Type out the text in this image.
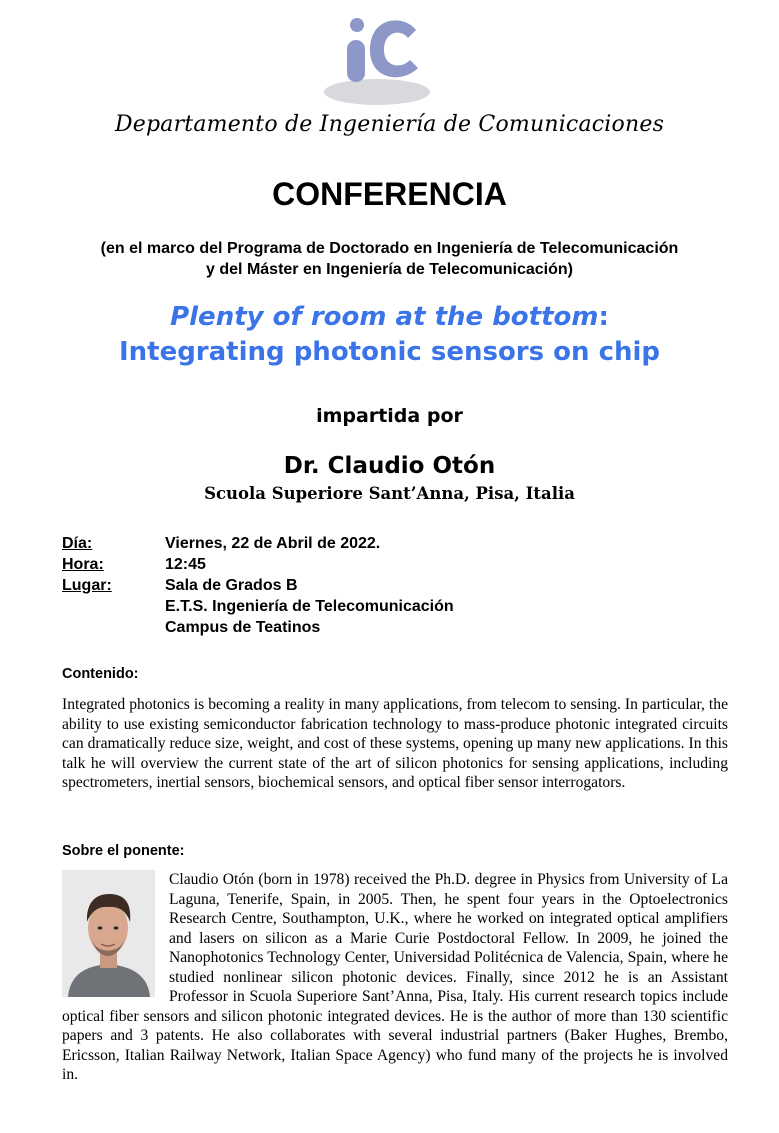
iC
Departamento de Ingeniería de Comunicaciones
CONFERENCIA
(en el marco del Programa de Doctorado en Ingeniería de Telecomunicación
y del Máster en Ingeniería de Telecomunicación)
Plenty of room at the bottom:
Integrating photonic sensors on chip
impartida por
Dr. Claudio Otón
Scuola Superiore Sant’Anna, Pisa, Italia
Día:	Viernes, 22 de Abril de 2022.
Hora:	12:45
Lugar:	Sala de Grados B
E.T.S. Ingeniería de Telecomunicación
Campus de Teatinos
Contenido:
Integrated photonics is becoming a reality in many applications, from telecom to sensing. In particular, the ability to use existing semiconductor fabrication technology to mass-produce photonic integrated circuits can dramatically reduce size, weight, and cost of these systems, opening up many new applications. In this talk he will overview the current state of the art of silicon photonics for sensing applications, including spectrometers, inertial sensors, biochemical sensors, and optical fiber sensor interrogators.
Sobre el ponente:
Claudio Otón (born in 1978) received the Ph.D. degree in Physics from University of La Laguna, Tenerife, Spain, in 2005. Then, he spent four years in the Optoelectronics Research Centre, Southampton, U.K., where he worked on integrated optical amplifiers and lasers on silicon as a Marie Curie Postdoctoral Fellow. In 2009, he joined the Nanophotonics Technology Center, Universidad Politécnica de Valencia, Spain, where he studied nonlinear silicon photonic devices. Finally, since 2012 he is an Assistant Professor in Scuola Superiore Sant’Anna, Pisa, Italy. His current research topics include optical fiber sensors and silicon photonic integrated devices. He is the author of more than 130 scientific papers and 3 patents. He also collaborates with several industrial partners (Baker Hughes, Brembo, Ericsson, Italian Railway Network, Italian Space Agency) who fund many of the projects he is involved in.
